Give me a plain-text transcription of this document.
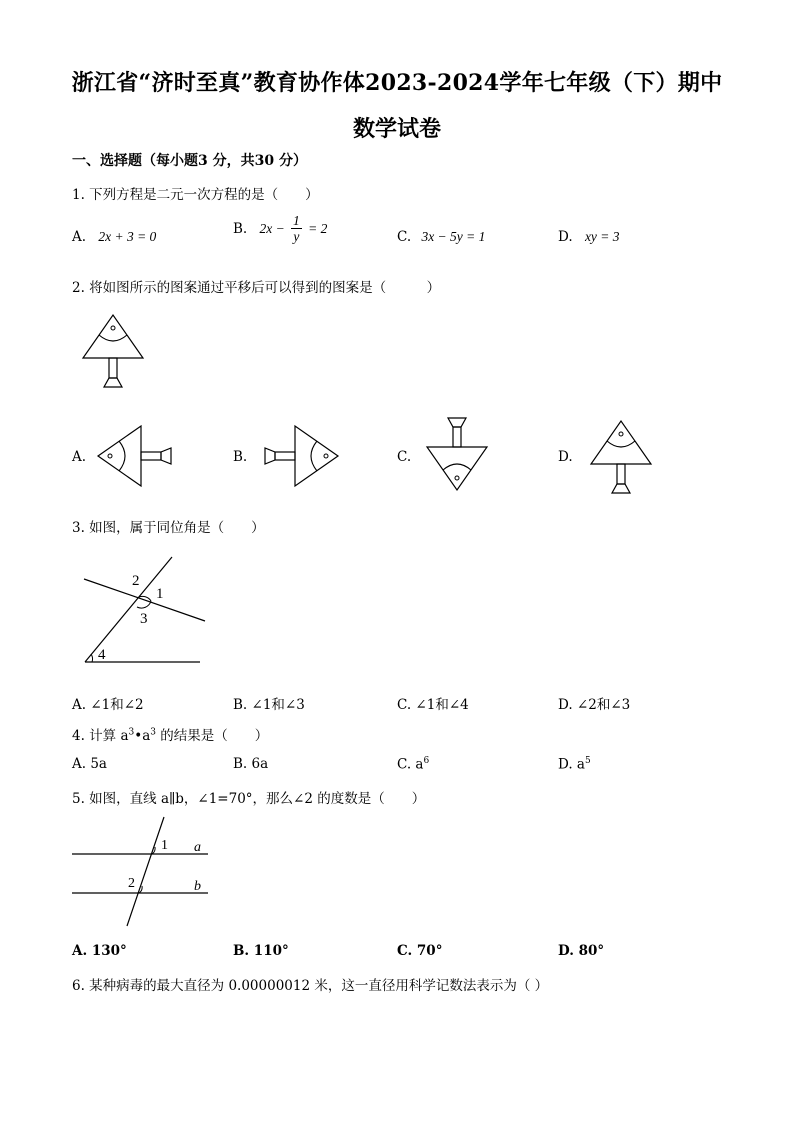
浙江省“济时至真”教育协作体2023-2024学年七年级（下）期中
数学试卷
一、选择题（每小题3 分，共30 分）
1. 下列方程是二元一次方程的是（　　）
A. 2x + 3 = 0	B. $2x - \frac{1}{y} = 2$
C. 3x − 5y = 1	D. xy = 3
2. 将如图所示的图案通过平移后可以得到的图案是（　　　）
A.	B.	C.	D.
3. 如图，属于同位角是（　　）
2
1
3
4
A. ∠1和∠2	B. ∠1和∠3	C. ∠1和∠4	D. ∠2和∠3
4. 计算 $a^3•a^3$ 的结果是（　　）
A. 5a	B. 6a	C. $a^6$	D. $a^5$
5. 如图，直线 a∥b，∠1=70°，那么∠2 的度数是（　　）
1 a
2	b
A. 130°	B. 110°	C. 70°	D. 80°
6. 某种病毒的最大直径为 0.00000012 米，这一直径用科学记数法表示为（ ）
